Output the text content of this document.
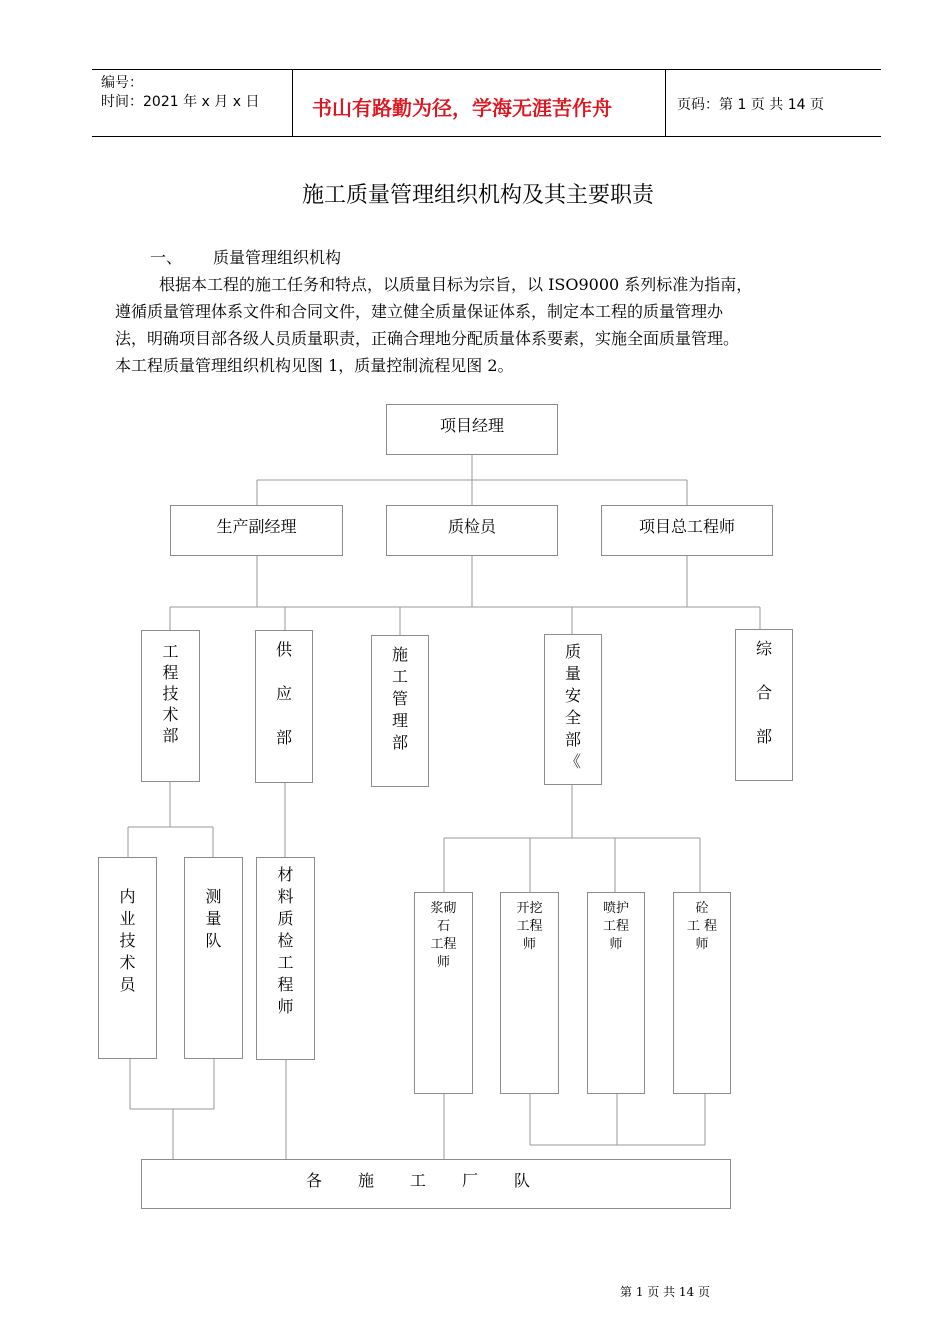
编号：
时间：2021 年 x 月 x 日	书山有路勤为径，学海无涯苦作舟	页码：第 1 页 共 14 页
施工质量管理组织机构及其主要职责
一、 质量管理组织机构
根据本工程的施工任务和特点，以质量目标为宗旨，以 ISO9000 系列标准为指南，
遵循质量管理体系文件和合同文件，建立健全质量保证体系，制定本工程的质量管理办
法，明确项目部各级人员质量职责，正确合理地分配质量体系要素，实施全面质量管理。
本工程质量管理组织机构见图 1，质量控制流程见图 2。
项目经理
生产副经理	质检员	项目总工程师
工
程
技
术
部
供

应

部
施
工
管
理
部
质
量
安
全
部
《
综

合

部
内
业
技
术
员
测
量
队
材
料
质
检
工
程
师
浆砌
石
工程
师
开挖
工程
师
喷护
工程
师
砼
工 程
师
各施工厂队
第 1 页 共 14 页
